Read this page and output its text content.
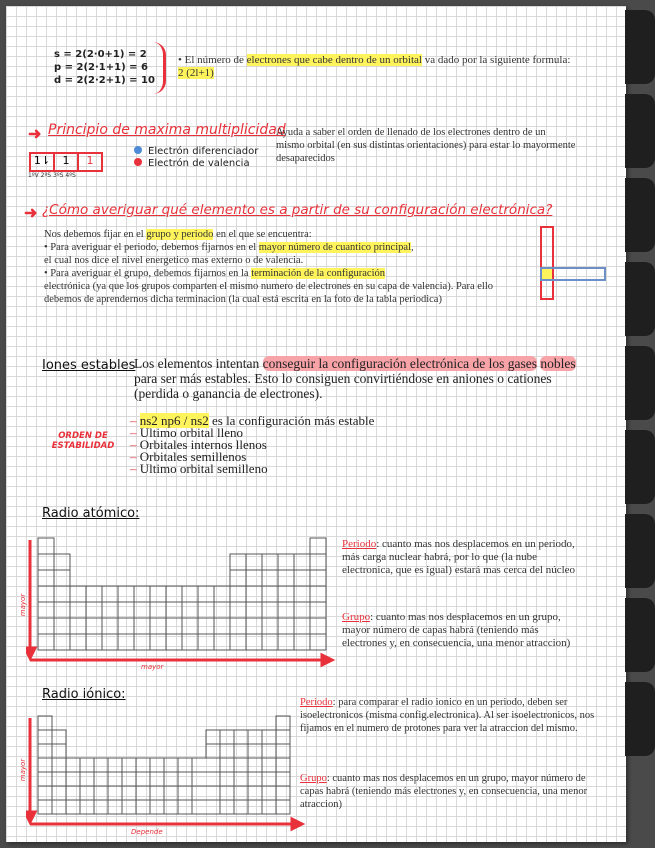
s = 2(2·0+1) = 2
p = 2(2·1+1) = 6
d = 2(2·2+1) = 10
• El número de electrones que cabe dentro de un orbital va dado por la siguiente formula: 2 (2l+1)
➜ Principio de maxima multiplicidad
Ayuda a saber el orden de llenado de los electrones dentro de un mismo orbital (en sus distintas orientaciones) para estar lo mayormente desaparecidos
1⇂	1	1
1ºV 2ºS 3ºS 4ºS
Electrón diferenciador
Electrón de valencia
➜ ¿Cómo averiguar qué elemento es a partir de su configuración electrónica?
Nos debemos fijar en el grupo y periodo en el que se encuentra:
• Para averiguar el periodo, debemos fijarnos en el mayor número de cuantico principal,
el cual nos dice el nivel energetico mas externo o de valencia.
• Para averiguar el grupo, debemos fijarnos en la terminación de la configuración
electrónica (ya que los grupos comparten el mismo numero de electrones en su capa de valencia). Para ello debemos de aprendernos dicha terminacion (la cual está escrita en la foto de la tabla periodica)
Iones estables
Los elementos intentan conseguir la configuración electrónica de los gases nobles para ser más estables. Esto lo consiguen convirtiéndose en aniones o cationes (perdida o ganancia de electrones).
ORDEN DE ESTABILIDAD
– ns2 np6 / ns2 es la configuración más estable
– Ultimo orbital lleno
– Orbitales internos llenos
– Orbitales semillenos
– Ultimo orbital semilleno
Radio atómico:
mayor
mayor
Periodo: cuanto mas nos desplacemos en un periodo, más carga nuclear habrá, por lo que (la nube electronica, que es igual) estará mas cerca del núcleo
Grupo: cuanto mas nos desplacemos en un grupo, mayor número de capas habrá (teniendo más electrones y, en consecuencia, una menor atraccion)
Radio iónico:
mayor
Depende
Periodo: para comparar el radio ionico en un periodo, deben ser isoelectronicos (misma config.electronica). Al ser isoelectronicos, nos fijamos en el numero de protones para ver la atraccion del mismo.
Grupo: cuanto mas nos desplacemos en un grupo, mayor número de capas habrá (teniendo más electrones y, en consecuencia, una menor atraccion)
